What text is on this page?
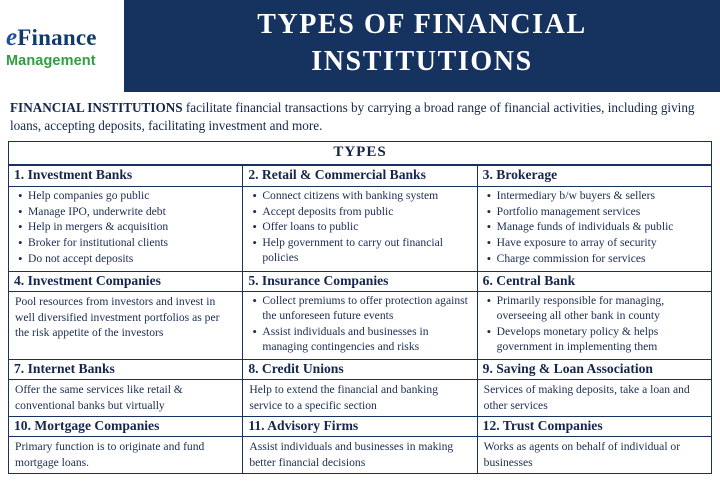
eFinance
Management
TYPES OF FINANCIAL
INSTITUTIONS
FINANCIAL INSTITUTIONS facilitate financial transactions by carrying a broad range of financial activities, including giving loans, accepting deposits, facilitating investment and more.
TYPES
1. Investment Banks
• Help companies go public
• Manage IPO, underwrite debt
• Help in mergers & acquisition
• Broker for institutional clients
• Do not accept deposits
2. Retail & Commercial Banks
• Connect citizens with banking system
• Accept deposits from public
• Offer loans to public
• Help government to carry out financial policies
3. Brokerage
• Intermediary b/w buyers & sellers
• Portfolio management services
• Manage funds of individuals & public
• Have exposure to array of security
• Charge commission for services
4. Investment Companies

Pool resources from investors and invest in well diversified investment portfolios as per the risk appetite of the investors

5. Insurance Companies
• Collect premiums to offer protection against the unforeseen future events
• Assist individuals and businesses in managing contingencies and risks
6. Central Bank
• Primarily responsible for managing, overseeing all other bank in county
• Develops monetary policy & helps government in implementing them
7. Internet Banks

Offer the same services like retail & conventional banks but virtually

8. Credit Unions

Help to extend the financial and banking service to a specific section

9. Saving & Loan Association

Services of making deposits, take a loan and other services

10. Mortgage Companies

Primary function is to originate and fund mortgage loans.

11. Advisory Firms

Assist individuals and businesses in making better financial decisions

12. Trust Companies

Works as agents on behalf of individual or businesses
